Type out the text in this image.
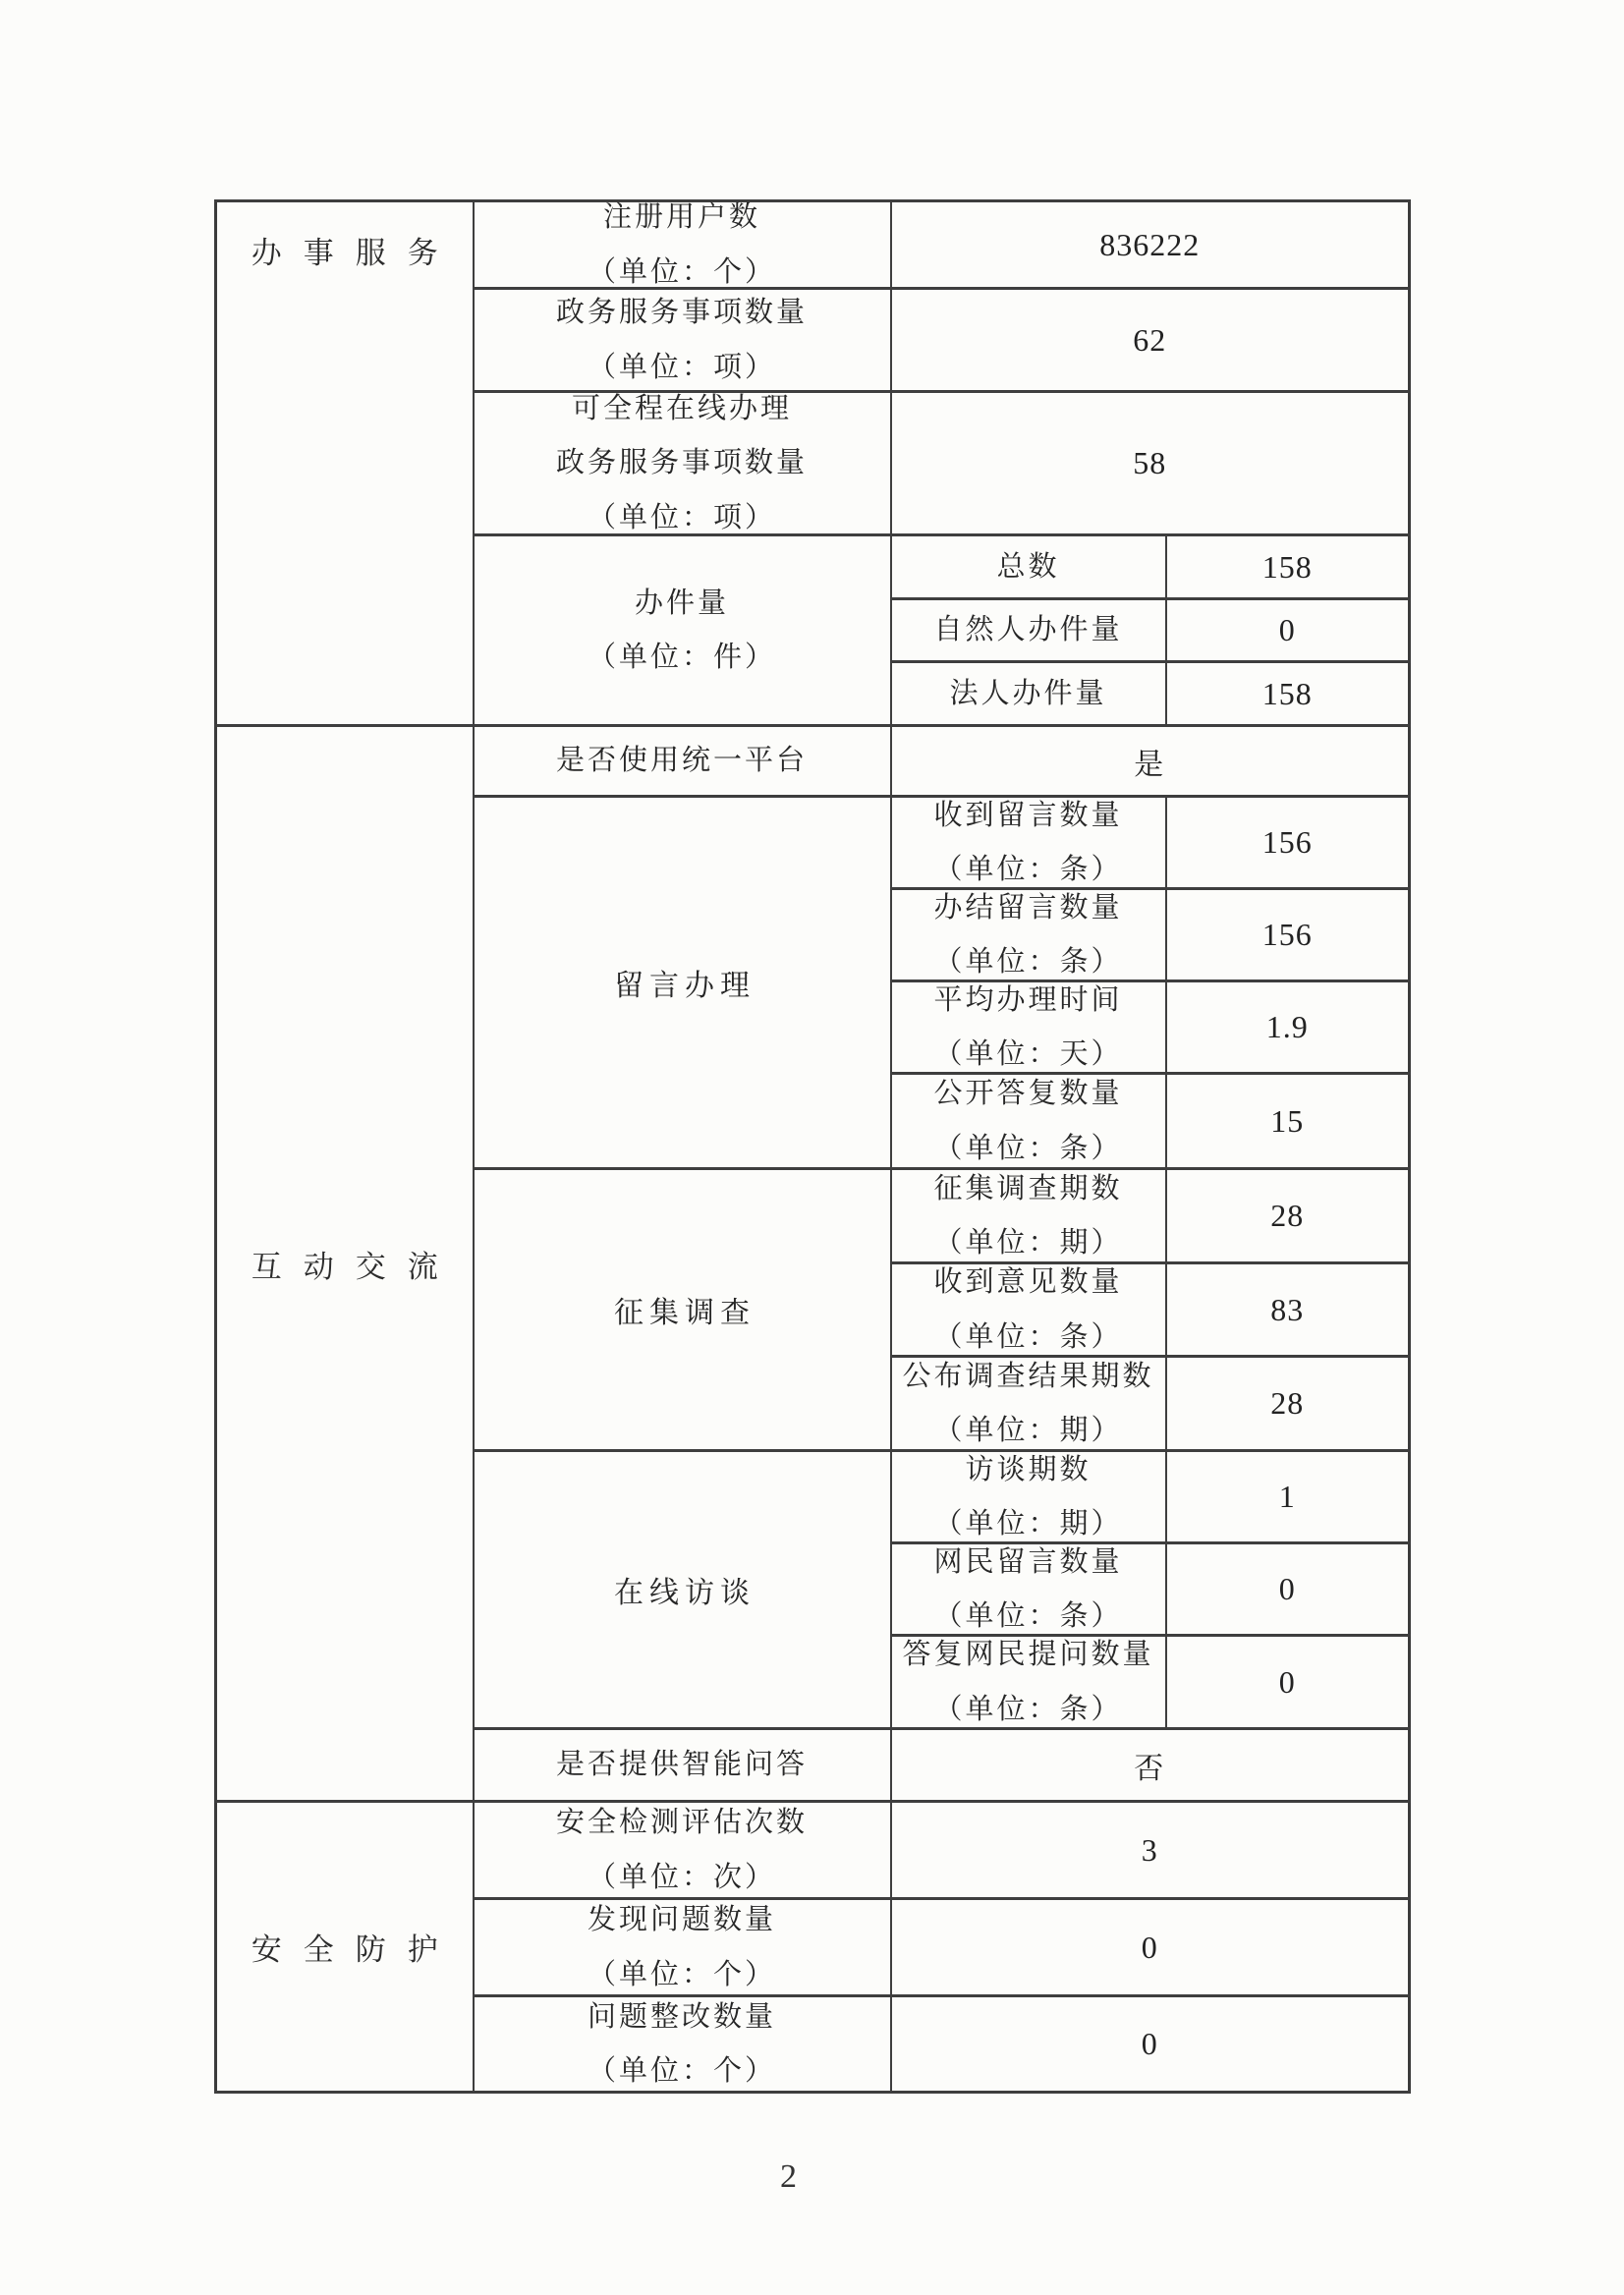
办事服务	注册用户数
（单位：个）	836222	

	政务服务事项数量
（单位：项）	62	

	可全程在线办理
政务服务事项数量
（单位：项）	58	

	办件量
（单位：件）	总数	158

		自然人办件量	0

		法人办件量	158
互动交流	是否使用统一平台	是	
	留言办理	收到留言数量
（单位：条）	156

		办结留言数量
（单位：条）	156

		平均办理时间
（单位：天）	1.9

		公开答复数量
（单位：条）	15
	征集调查	征集调查期数
（单位：期）	28

		收到意见数量
（单位：条）	83

		公布调查结果期数
（单位：期）	28
	在线访谈	访谈期数
（单位：期）	1

		网民留言数量
（单位：条）	0

		答复网民提问数量
（单位：条）	0

	是否提供智能问答	否	
安全防护	安全检测评估次数
（单位：次）	3	

	发现问题数量
（单位：个）	0	

	问题整改数量
（单位：个）	0	
2
